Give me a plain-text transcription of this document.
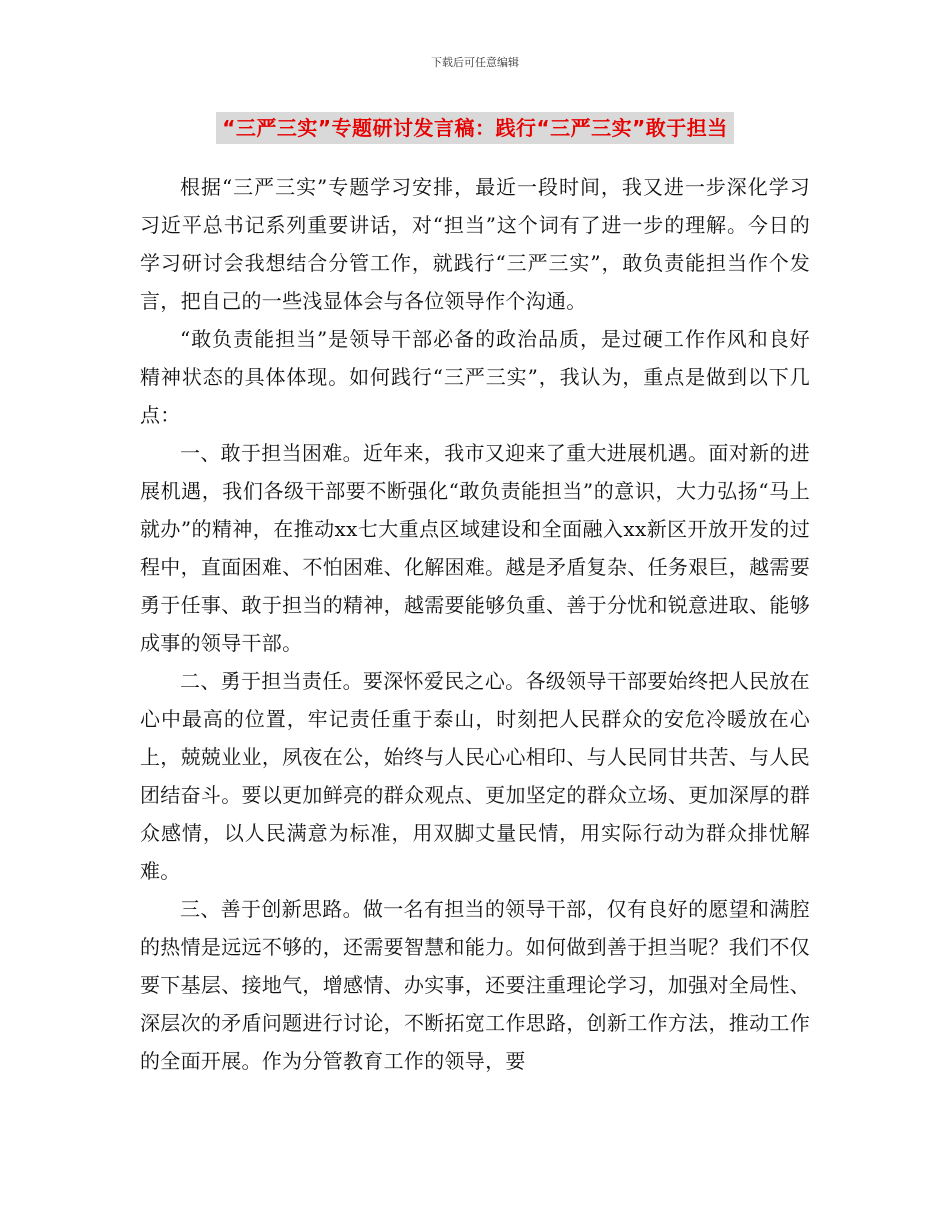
下载后可任意编辑
“三严三实”专题研讨发言稿：践行“三严三实”敢于担当

根据“三严三实”专题学习安排，最近一段时间，我又进一步深化学习习近平总书记系列重要讲话，对“担当”这个词有了进一步的理解。今日的学习研讨会我想结合分管工作，就践行“三严三实”，敢负责能担当作个发言，把自己的一些浅显体会与各位领导作个沟通。

“敢负责能担当”是领导干部必备的政治品质，是过硬工作作风和良好精神状态的具体体现。如何践行“三严三实”，我认为，重点是做到以下几点：

一、敢于担当困难。近年来，我市又迎来了重大进展机遇。面对新的进展机遇，我们各级干部要不断强化“敢负责能担当”的意识，大力弘扬“马上就办”的精神，在推动xx七大重点区域建设和全面融入xx新区开放开发的过程中，直面困难、不怕困难、化解困难。越是矛盾复杂、任务艰巨，越需要勇于任事、敢于担当的精神，越需要能够负重、善于分忧和锐意进取、能够成事的领导干部。

二、勇于担当责任。要深怀爱民之心。各级领导干部要始终把人民放在心中最高的位置，牢记责任重于泰山，时刻把人民群众的安危冷暖放在心上，兢兢业业，夙夜在公，始终与人民心心相印、与人民同甘共苦、与人民团结奋斗。要以更加鲜亮的群众观点、更加坚定的群众立场、更加深厚的群众感情，以人民满意为标准，用双脚丈量民情，用实际行动为群众排忧解难。

三、善于创新思路。做一名有担当的领导干部，仅有良好的愿望和满腔的热情是远远不够的，还需要智慧和能力。如何做到善于担当呢？我们不仅要下基层、接地气，增感情、办实事，还要注重理论学习，加强对全局性、深层次的矛盾问题进行讨论，不断拓宽工作思路，创新工作方法，推动工作的全面开展。作为分管教育工作的领导，要
